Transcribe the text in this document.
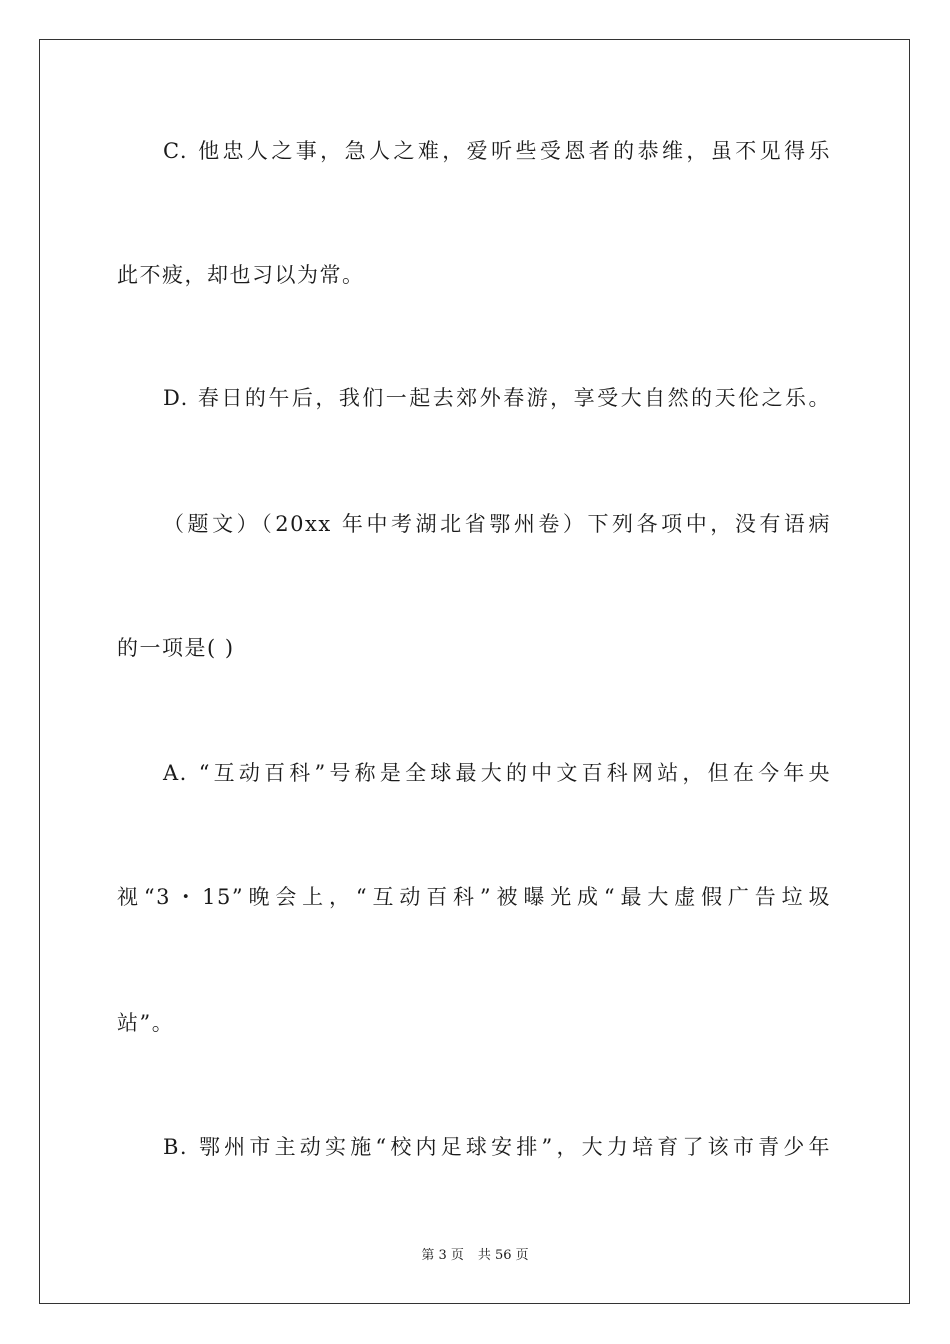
C. 他忠人之事，急人之难，爱听些受恩者的恭维，虽不见得乐
此不疲，却也习以为常。
D. 春日的午后，我们一起去郊外春游，享受大自然的天伦之乐。
（题文）（20xx 年中考湖北省鄂州卷）下列各项中，没有语病
的一项是( )
A. “互动百科”号称是全球最大的中文百科网站，但在今年央
视“3・15”晚会上，“互动百科”被曝光成“最大虚假广告垃圾
站”。
B. 鄂州市主动实施“校内足球安排”，大力培育了该市青少年
第 3 页 共 56 页
